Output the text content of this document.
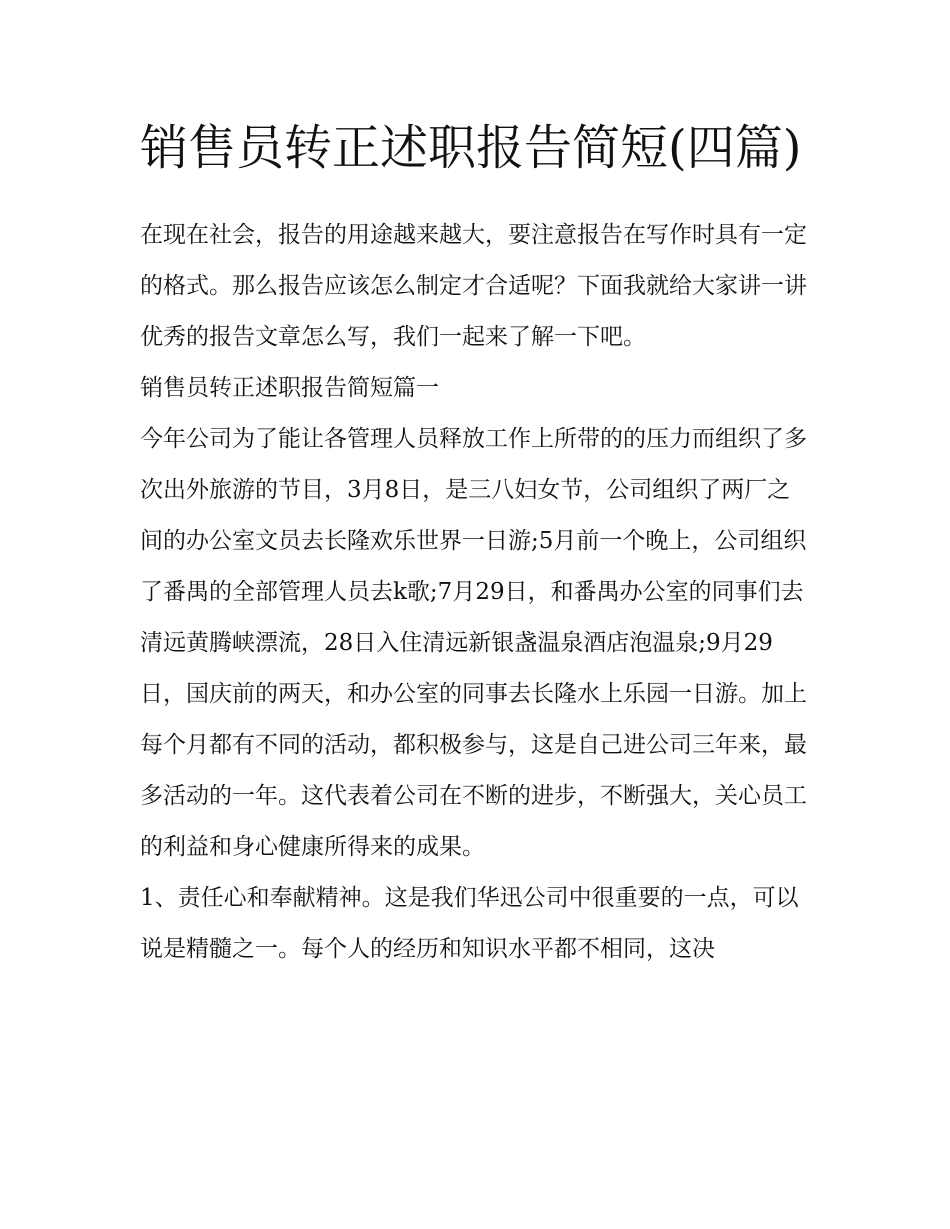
销售员转正述职报告简短(四篇)

在现在社会，报告的用途越来越大，要注意报告在写作时具有一定的格式。那么报告应该怎么制定才合适呢？下面我就给大家讲一讲优秀的报告文章怎么写，我们一起来了解一下吧。

销售员转正述职报告简短篇一

今年公司为了能让各管理人员释放工作上所带的的压力而组织了多次出外旅游的节目，3月8日，是三八妇女节，公司组织了两厂之间的办公室文员去长隆欢乐世界一日游;5月前一个晚上，公司组织了番禺的全部管理人员去k歌;7月29日，和番禺办公室的同事们去清远黄腾峡漂流，28日入住清远新银盏温泉酒店泡温泉;9月29日，国庆前的两天，和办公室的同事去长隆水上乐园一日游。加上每个月都有不同的活动，都积极参与，这是自己进公司三年来，最多活动的一年。这代表着公司在不断的进步，不断强大，关心员工的利益和身心健康所得来的成果。

1、责任心和奉献精神。这是我们华迅公司中很重要的一点，可以说是精髓之一。每个人的经历和知识水平都不相同，这决
